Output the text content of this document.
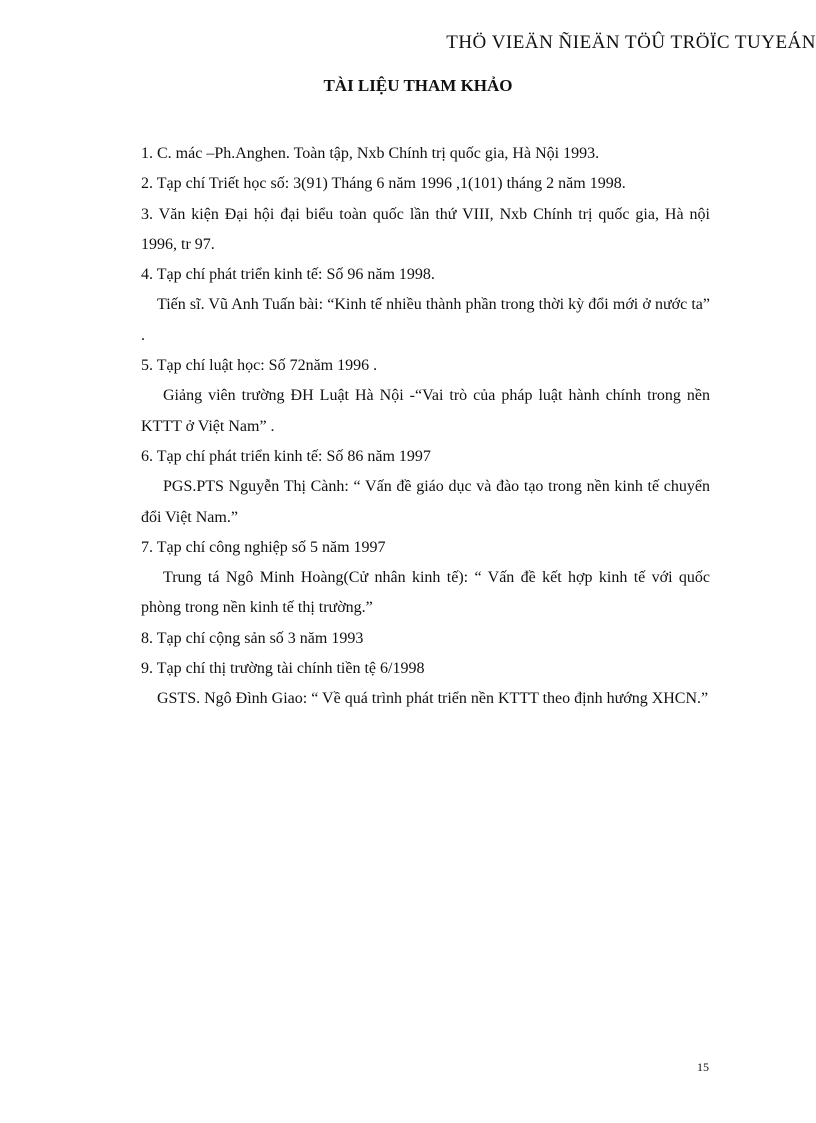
THÖ VIEÄN ÑIEÄN TÖÛ TRÖÏC TUYEÁN
TÀI LIỆU THAM KHẢO

1. C. mác –Ph.Anghen. Toàn tập, Nxb Chính trị quốc gia, Hà Nội 1993.

2. Tạp chí Triết học số: 3(91) Tháng 6 năm 1996 ,1(101) tháng 2 năm 1998.

3. Văn kiện Đại hội đại biểu toàn quốc lần thứ VIII, Nxb Chính trị quốc gia, Hà nội 1996, tr 97.

4. Tạp chí phát triển kinh tế: Số 96 năm 1998.

Tiến sĩ. Vũ Anh Tuấn bài: “Kinh tế nhiều thành phần trong thời kỳ đổi mới ở nước ta” .

5. Tạp chí luật học: Số 72năm 1996 .

Giảng viên trường ĐH Luật Hà Nội -“Vai trò của pháp luật hành chính trong nền KTTT ở Việt Nam” .

6. Tạp chí phát triển kinh tế: Số 86 năm 1997

PGS.PTS Nguyễn Thị Cành: “ Vấn đề giáo dục và đào tạo trong nền kinh tế chuyển đổi Việt Nam.”

7. Tạp chí công nghiệp số 5 năm 1997

Trung tá Ngô Minh Hoàng(Cử nhân kinh tế): “ Vấn đề kết hợp kinh tế với quốc phòng trong nền kinh tế thị trường.”

8. Tạp chí cộng sản số 3 năm 1993

9. Tạp chí thị trường tài chính tiền tệ 6/1998

GSTS. Ngô Đình Giao: “ Về quá trình phát triển nền KTTT theo định hướng XHCN.”

15
